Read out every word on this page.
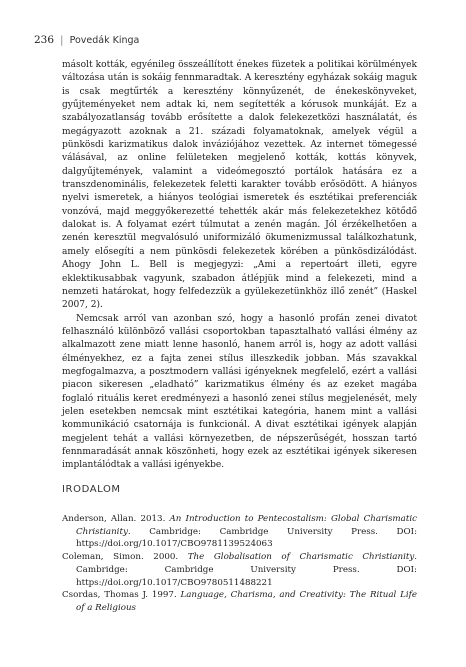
236 | Povedák Kinga

másolt kották, egyénileg összeállított énekes füzetek a politikai körülmények változása után is sokáig fennmaradtak. A keresztény egyházak sokáig maguk is csak megtűrték a keresztény könnyűzenét, de énekeskönyveket, gyűjteményeket nem adtak ki, nem segítették a kórusok munkáját. Ez a szabályozatlanság tovább erősítette a dalok felekezetközi használatát, és megágyazott azoknak a 21. századi folyamatoknak, amelyek végül a pünkösdi karizmatikus dalok inváziójához vezettek. Az internet tömegessé válásával, az online felületeken megjelenő kották, kottás könyvek, dalgyűjtemények, valamint a videómegosztó portálok hatására ez a transzdenominális, felekezetek feletti karakter tovább erősödött. A hiányos nyelvi ismeretek, a hiányos teológiai ismeretek és esztétikai preferenciák vonzóvá, majd meggyőkerezetté tehették akár más felekezetekhez kötődő dalokat is. A folyamat ezért túlmutat a zenén magán. Jól érzékelhetően a zenén keresztül megvalósuló uniformizáló ökumenizmussal találkozhatunk, amely elősegíti a nem pünkösdi felekezetek körében a pünkösdizálódást. Ahogy John L. Bell is megjegyzi: „Ami a repertoárt illeti, egyre eklektikusabbak vagyunk, szabadon átlépjük mind a felekezeti, mind a nemzeti határokat, hogy felfedezzük a gyülekezetünkhöz illő zenét” (Haskel 2007, 2).

Nemcsak arról van azonban szó, hogy a hasonló profán zenei divatot felhasználó különböző vallási csoportokban tapasztalható vallási élmény az alkalmazott zene miatt lenne hasonló, hanem arról is, hogy az adott vallási élményekhez, ez a fajta zenei stílus illeszkedik jobban. Más szavakkal megfogalmazva, a posztmodern vallási igényeknek megfelelő, ezért a vallási piacon sikeresen „eladható” karizmatikus élmény és az ezeket magába foglaló rituális keret eredményezi a hasonló zenei stílus megjelenését, mely jelen esetekben nemcsak mint esztétikai kategória, hanem mint a vallási kommunikáció csatornája is funkcionál. A divat esztétikai igények alapján megjelent tehát a vallási környezetben, de népszerűségét, hosszan tartó fennmaradását annak köszönheti, hogy ezek az esztétikai igények sikeresen implantálódtak a vallási igényekbe.

IRODALOM

Anderson, Allan. 2013. An Introduction to Pentecostalism: Global Charismatic Christianity. Cambridge: Cambridge University Press. DOI: https://doi.org/10.1017/CBO9781139524063

Coleman, Simon. 2000. The Globalisation of Charismatic Christianity. Cambridge: Cambridge University Press. DOI: https://doi.org/10.1017/CBO9780511488221

Csordas, Thomas J. 1997. Language, Charisma, and Creativity: The Ritual Life of a Religious
